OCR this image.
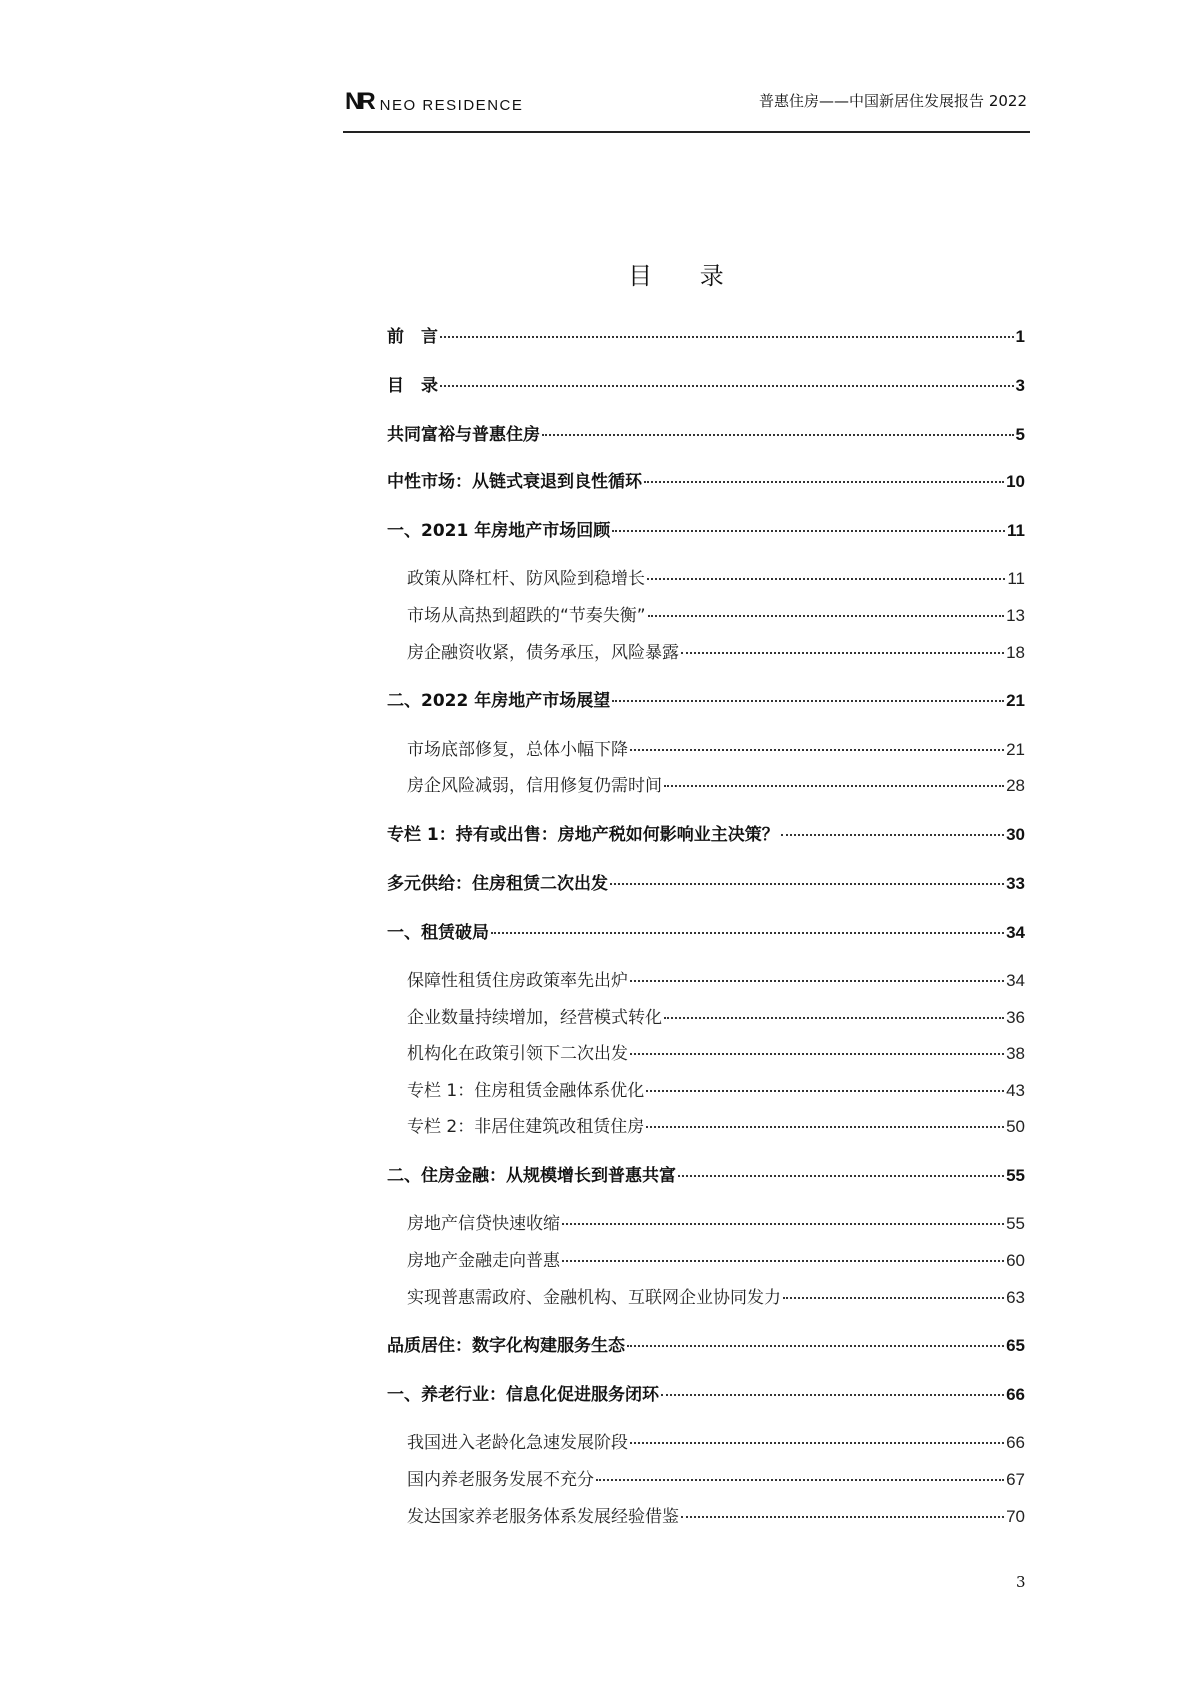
NR NEO RESIDENCE	普惠住房——中国新居住发展报告 2022
目 录
前　言	1
目　录	3
共同富裕与普惠住房	5
中性市场：从链式衰退到良性循环	10
一、2021 年房地产市场回顾	11
政策从降杠杆、防风险到稳增长	11
市场从高热到超跌的“节奏失衡”	13
房企融资收紧，债务承压，风险暴露	18
二、2022 年房地产市场展望	21
市场底部修复，总体小幅下降	21
房企风险减弱，信用修复仍需时间	28
专栏 1：持有或出售：房地产税如何影响业主决策？	30
多元供给：住房租赁二次出发	33
一、租赁破局	34
保障性租赁住房政策率先出炉	34
企业数量持续增加，经营模式转化	36
机构化在政策引领下二次出发	38
专栏 1：住房租赁金融体系优化	43
专栏 2：非居住建筑改租赁住房	50
二、住房金融：从规模增长到普惠共富	55
房地产信贷快速收缩	55
房地产金融走向普惠	60
实现普惠需政府、金融机构、互联网企业协同发力	63
品质居住：数字化构建服务生态	65
一、养老行业：信息化促进服务闭环	66
我国进入老龄化急速发展阶段	66
国内养老服务发展不充分	67
发达国家养老服务体系发展经验借鉴	70
3
